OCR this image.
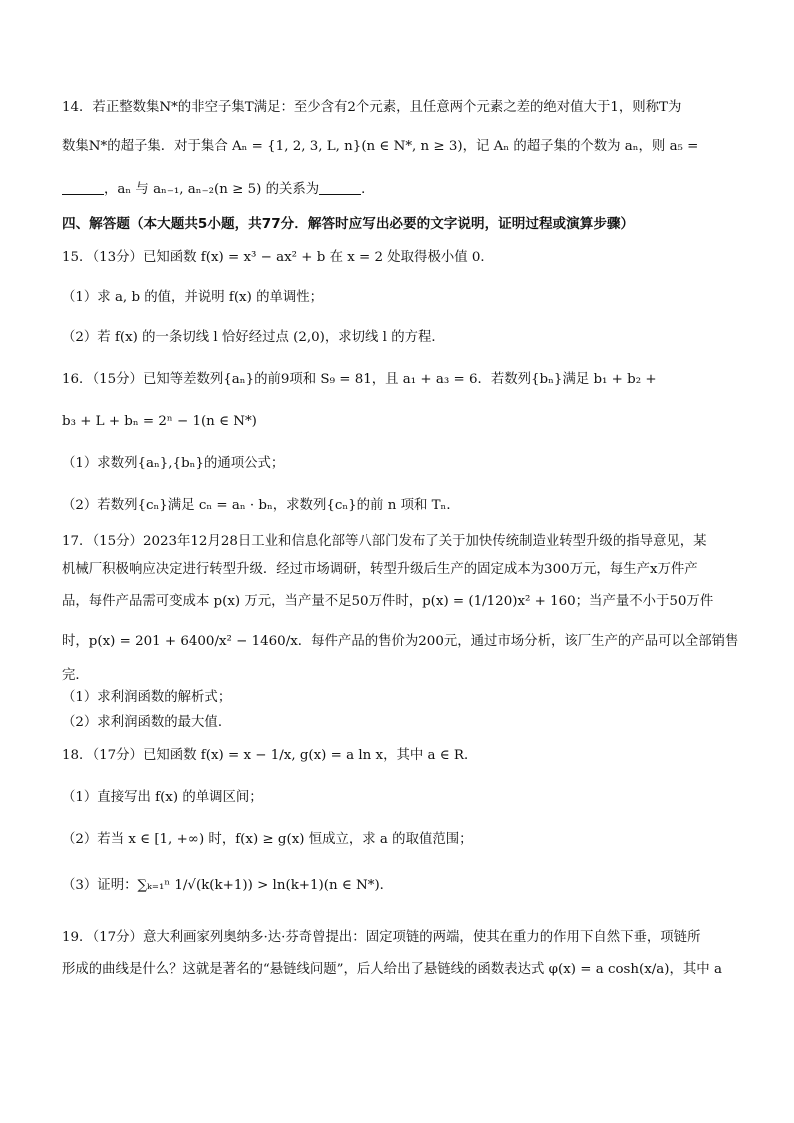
14．若正整数集N*的非空子集T满足：至少含有2个元素，且任意两个元素之差的绝对值大于1，则称T为
数集N*的超子集．对于集合 Aₙ = {1, 2, 3, L, n}(n ∈ N*, n ≥ 3)，记 Aₙ 的超子集的个数为 aₙ，则 a₅ =
，aₙ 与 aₙ₋₁, aₙ₋₂(n ≥ 5) 的关系为	．
四、解答题（本大题共5小题，共77分．解答时应写出必要的文字说明，证明过程或演算步骤）
15．（13分）已知函数 f(x) = x³ − ax² + b 在 x = 2 处取得极小值 0．
（1）求 a, b 的值，并说明 f(x) 的单调性；
（2）若 f(x) 的一条切线 l 恰好经过点 (2,0)，求切线 l 的方程．
16．（15分）已知等差数列{aₙ}的前9项和 S₉ = 81，且 a₁ + a₃ = 6．若数列{bₙ}满足 b₁ + b₂ +
b₃ + L + bₙ = 2ⁿ − 1(n ∈ N*)
（1）求数列{aₙ},{bₙ}的通项公式；
（2）若数列{cₙ}满足 cₙ = aₙ · bₙ，求数列{cₙ}的前 n 项和 Tₙ．
17．（15分）2023年12月28日工业和信息化部等八部门发布了关于加快传统制造业转型升级的指导意见，某
机械厂积极响应决定进行转型升级．经过市场调研，转型升级后生产的固定成本为300万元，每生产x万件产
品，每件产品需可变成本 p(x) 万元，当产量不足50万件时，p(x) = (1/120)x² + 160；当产量不小于50万件
时，p(x) = 201 + 6400/x² − 1460/x．每件产品的售价为200元，通过市场分析，该厂生产的产品可以全部销售
完．
（1）求利润函数的解析式；
（2）求利润函数的最大值．
18．（17分）已知函数 f(x) = x − 1/x, g(x) = a ln x，其中 a ∈ R．
（1）直接写出 f(x) 的单调区间；
（2）若当 x ∈ [1, +∞) 时，f(x) ≥ g(x) 恒成立，求 a 的取值范围；
（3）证明：∑ₖ₌₁ⁿ 1/√(k(k+1)) > ln(k+1)(n ∈ N*)．
19．（17分）意大利画家列奥纳多·达·芬奇曾提出：固定项链的两端，使其在重力的作用下自然下垂，项链所
形成的曲线是什么？这就是著名的“悬链线问题”，后人给出了悬链线的函数表达式 φ(x) = a cosh(x/a)，其中 a
